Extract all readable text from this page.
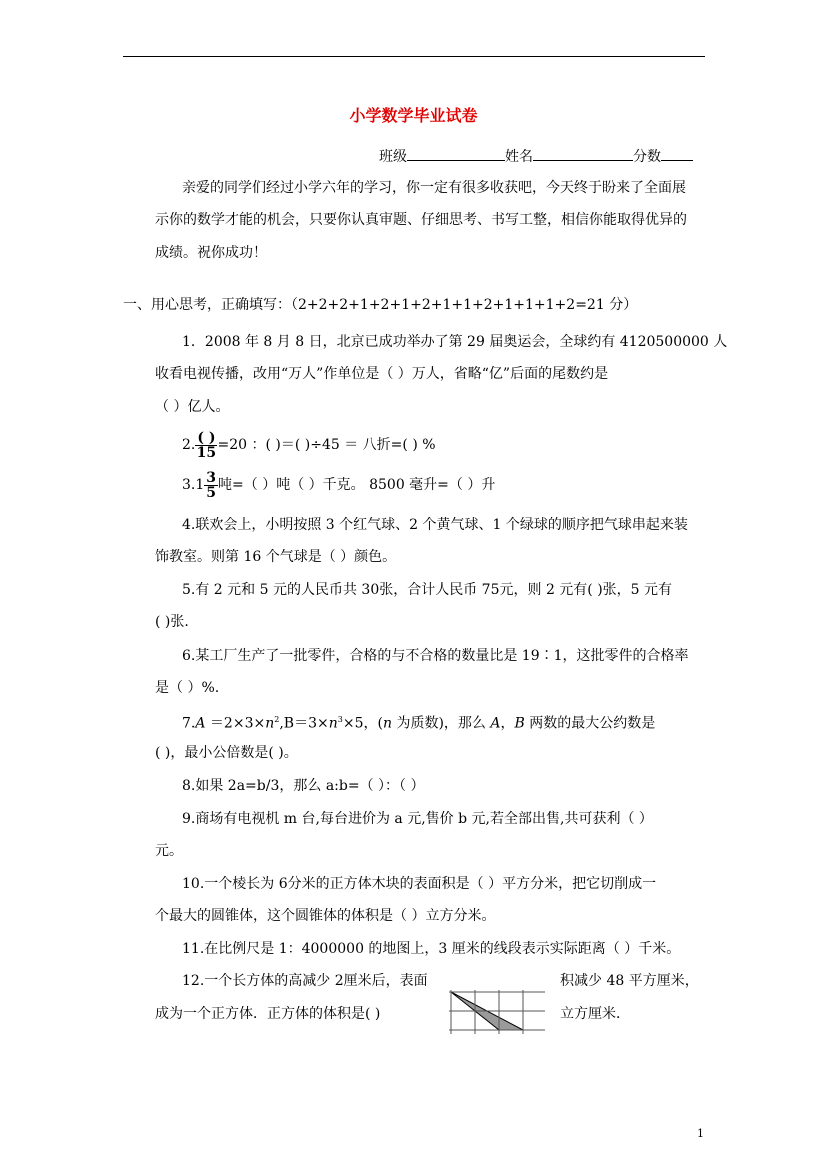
小学数学毕业试卷
班级	姓名	分数
亲爱的同学们经过小学六年的学习，你一定有很多收获吧，今天终于盼来了全面展
示你的数学才能的机会，只要你认真审题、仔细思考、书写工整，相信你能取得优异的
成绩。祝你成功！
一、用心思考，正确填写：（2+2+2+1+2+1+2+1+1+2+1+1+1+2=21 分）
1．2008 年 8 月 8 日，北京已成功举办了第 29 届奥运会，全球约有 4120500000 人
收看电视传播，改用“万人”作单位是（ ）万人，省略“亿”后面的尾数约是
（ ）亿人。
2. $\frac{( )}{15} =20$ ：( )＝( )÷45 ＝ 八折=( ) %
$3.1 \frac{3}{5}$ 吨=（ ）吨（ ）千克。 8500 毫升=（ ）升
4.联欢会上，小明按照 3 个红气球、2 个黄气球、1 个绿球的顺序把气球串起来装
饰教室。则第 16 个气球是（ ）颜色。
5.有 2 元和 5 元的人民币共 30张，合计人民币 75元，则 2 元有( )张，5 元有
( )张.
6.某工厂生产了一批零件，合格的与不合格的数量比是 19∶1，这批零件的合格率
是（ ）%.
$7.A =2\times 3\times n^2,B=3\times n^3\times 5$，(n 为质数)，那么 A，B 两数的最大公约数是
( )，最小公倍数是( )。
8.如果 2a=b/3，那么 a:b=（ ）：（ ）
9.商场有电视机 m 台,每台进价为 a 元,售价 b 元,若全部出售,共可获利（ ）
元。
10.一个棱长为 6分米的正方体木块的表面积是（ ）平方分米，把它切削成一
个最大的圆锥体，这个圆锥体的体积是（ ）立方分米。
11.在比例尺是 1：4000000 的地图上，3 厘米的线段表示实际距离（ ）千米。
12.一个长方体的高减少 2厘米后，表面	积减少 48 平方厘米，
成为一个正方体．正方体的体积是( )	立方厘米．
1
